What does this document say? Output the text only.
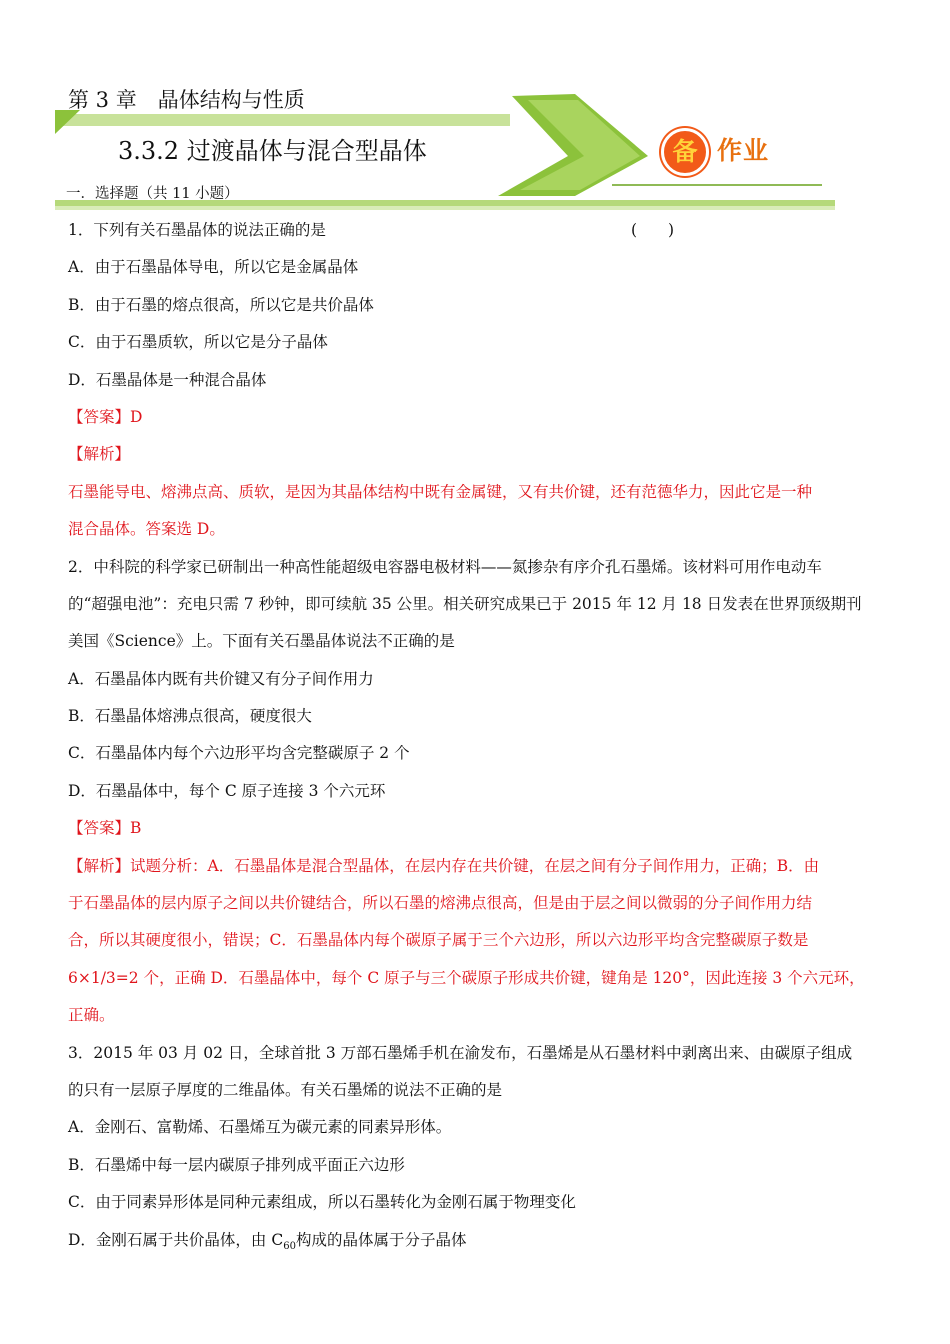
第 3 章　晶体结构与性质
3.3.2 过渡晶体与混合型晶体	备 作业
一．选择题（共 11 小题）
1．下列有关石墨晶体的说法正确的是	(　　)
A．由于石墨晶体导电，所以它是金属晶体
B．由于石墨的熔点很高，所以它是共价晶体
C．由于石墨质软，所以它是分子晶体
D．石墨晶体是一种混合晶体
【答案】D
【解析】
石墨能导电、熔沸点高、质软，是因为其晶体结构中既有金属键，又有共价键，还有范德华力，因此它是一种
混合晶体。答案选 D。
2．中科院的科学家已研制出一种高性能超级电容器电极材料——氮掺杂有序介孔石墨烯。该材料可用作电动车
的“超强电池”：充电只需 7 秒钟，即可续航 35 公里。相关研究成果已于 2015 年 12 月 18 日发表在世界顶级期刊
美国《Science》上。下面有关石墨晶体说法不正确的是
A．石墨晶体内既有共价键又有分子间作用力
B．石墨晶体熔沸点很高，硬度很大
C．石墨晶体内每个六边形平均含完整碳原子 2 个
D．石墨晶体中，每个 C 原子连接 3 个六元环
【答案】B
【解析】试题分析：A．石墨晶体是混合型晶体，在层内存在共价键，在层之间有分子间作用力，正确；B．由
于石墨晶体的层内原子之间以共价键结合，所以石墨的熔沸点很高，但是由于层之间以微弱的分子间作用力结
合，所以其硬度很小，错误；C．石墨晶体内每个碳原子属于三个六边形，所以六边形平均含完整碳原子数是
6×1/3=2 个，正确 D．石墨晶体中，每个 C 原子与三个碳原子形成共价键，键角是 120°，因此连接 3 个六元环，
正确。
3．2015 年 03 月 02 日，全球首批 3 万部石墨烯手机在渝发布，石墨烯是从石墨材料中剥离出来、由碳原子组成
的只有一层原子厚度的二维晶体。有关石墨烯的说法不正确的是
A．金刚石、富勒烯、石墨烯互为碳元素的同素异形体。
B．石墨烯中每一层内碳原子排列成平面正六边形
C．由于同素异形体是同种元素组成，所以石墨转化为金刚石属于物理变化
D．金刚石属于共价晶体，由 $C_{60}$构成的晶体属于分子晶体
